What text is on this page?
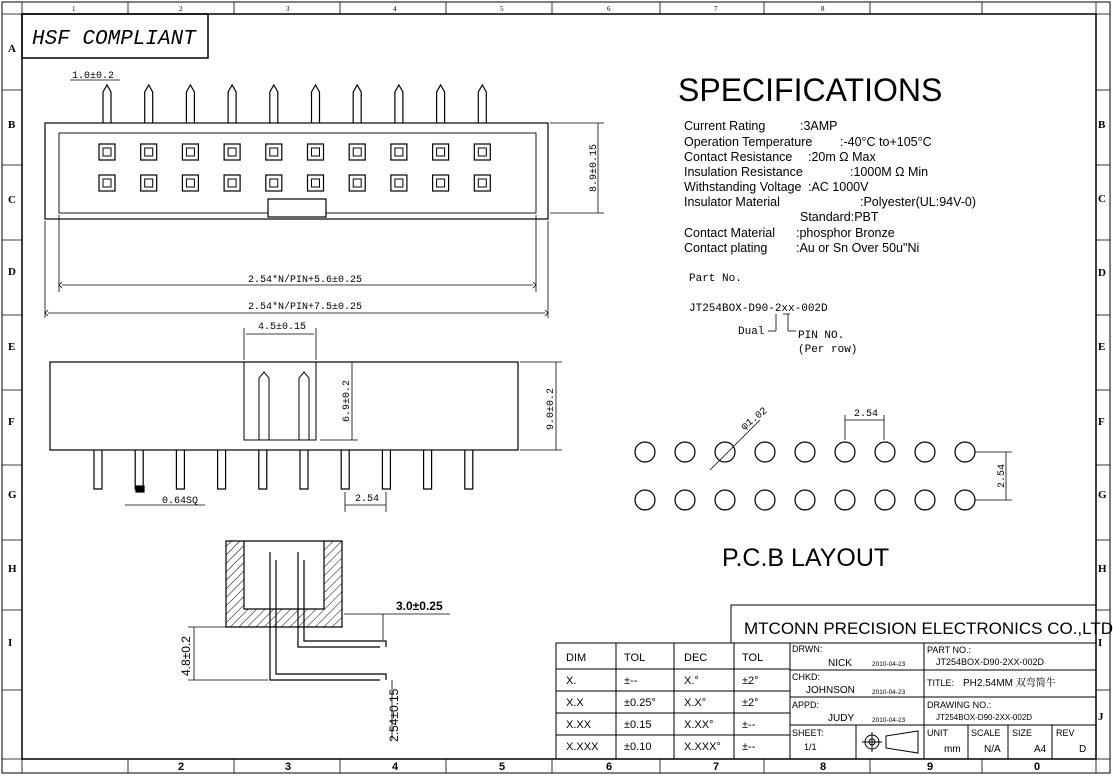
1	2	3	4	5	6	7	8
2	3	4	5	6	7	8	9	0
A
B
C
D
E
F
G
H
I
B
C
D
E
F
G
H
I
J
HSF COMPLIANT
1.0±0.2
8.9±0.15
2.54*N/PIN+5.6±0.25
2.54*N/PIN+7.5±0.25
4.5±0.15
6.9±0.2	9.0±0.2
0.64SQ	2.54
3.0±0.25
4.8±0.2
2.54±0.15
SPECIFICATIONS
Current Rating	:3AMP
Operation Temperature :-40°C to+105°C
Contact Resistance :20m Ω Max
Insulation Resistance	:1000M Ω Min
Withstanding Voltage :AC 1000V
Insulator Material	:Polyester(UL:94V-0)
Standard:PBT
Contact Material :phosphor Bronze
Contact plating :Au or Sn Over 50u"Ni
Part No.
JT254BOX-D90-2xx-002D
Dual	PIN NO.
(Per row)
φ1.02	2.54
2.54
P.C.B LAYOUT
MTCONN PRECISION ELECTRONICS CO.,LTD
DIM	TOL	DEC	TOL
X.	±--	X.°	±2°
X.X	±0.25°	X.X°	±2°
X.XX	±0.15	X.XX°	±--
X.XXX ±0.10	X.XXX° ±--
DRWN:
NICK	2010-04-23
CHKD:
JOHNSON	2010-04-23
APPD:
JUDY	2010-04-23
SHEET:
1/1
PART NO.:
JT254BOX-D90-2XX-002D
TITLE: PH2.54MM 双弯简牛
DRAWING NO.:
JT254BOX-D90-2XX-002D
UNIT
mm
SCALE
N/A
SIZE
A4
REV
D
